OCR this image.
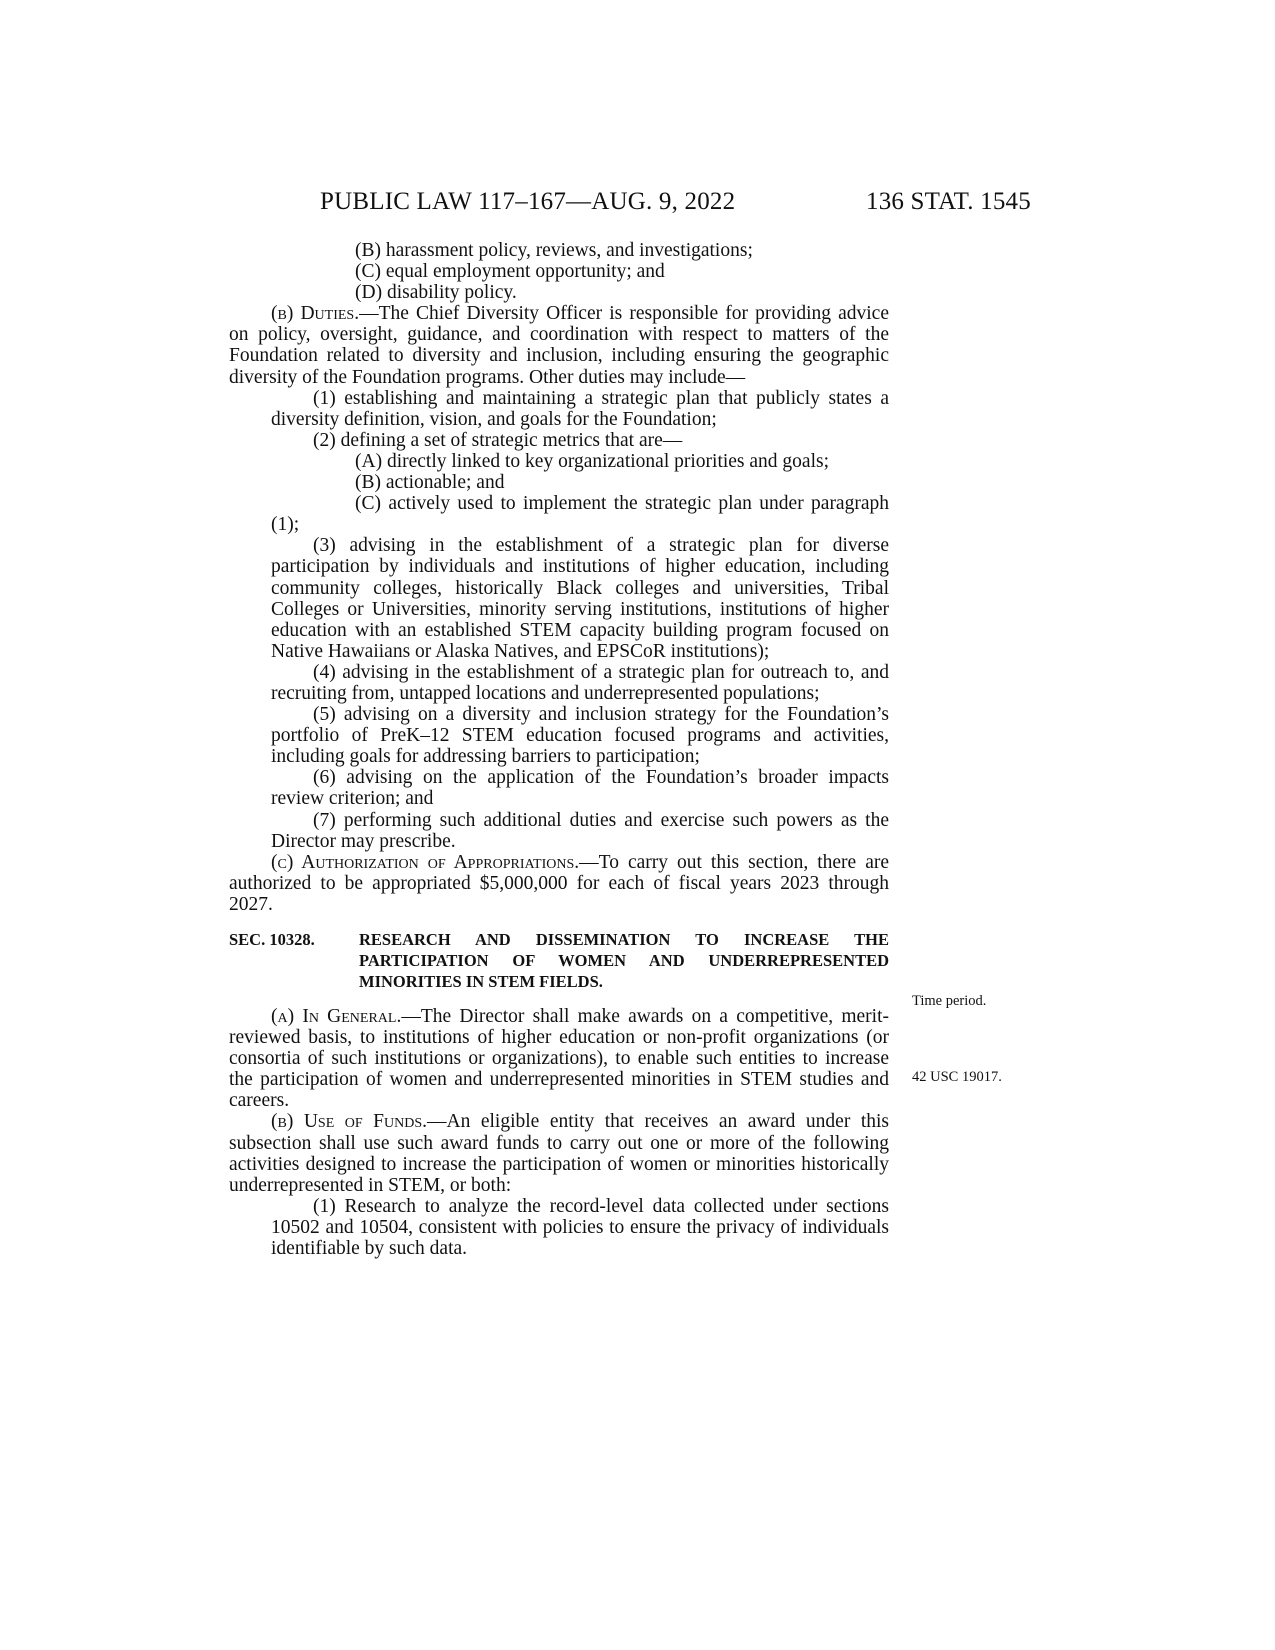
PUBLIC LAW 117–167—AUG. 9, 2022	136 STAT. 1545
Time period.
42 USC 19017.

(B) harassment policy, reviews, and investigations;

(C) equal employment opportunity; and

(D) disability policy.

(b) Duties.—The Chief Diversity Officer is responsible for providing advice on policy, oversight, guidance, and coordination with respect to matters of the Foundation related to diversity and inclusion, including ensuring the geographic diversity of the Foundation programs. Other duties may include—

(1) establishing and maintaining a strategic plan that publicly states a diversity definition, vision, and goals for the Foundation;

(2) defining a set of strategic metrics that are—

(A) directly linked to key organizational priorities and goals;

(B) actionable; and

(C) actively used to implement the strategic plan under paragraph (1);

(3) advising in the establishment of a strategic plan for diverse participation by individuals and institutions of higher education, including community colleges, historically Black colleges and universities, Tribal Colleges or Universities, minority serving institutions, institutions of higher education with an established STEM capacity building program focused on Native Hawaiians or Alaska Natives, and EPSCoR institutions);

(4) advising in the establishment of a strategic plan for outreach to, and recruiting from, untapped locations and underrepresented populations;

(5) advising on a diversity and inclusion strategy for the Foundation’s portfolio of PreK–12 STEM education focused programs and activities, including goals for addressing barriers to participation;

(6) advising on the application of the Foundation’s broader impacts review criterion; and

(7) performing such additional duties and exercise such powers as the Director may prescribe.

(c) Authorization of Appropriations.—To carry out this section, there are authorized to be appropriated $5,000,000 for each of fiscal years 2023 through 2027.

SEC. 10328.	RESEARCH AND DISSEMINATION TO INCREASE THE PARTICIPATION OF WOMEN AND UNDERREPRESENTED MINORITIES IN STEM FIELDS.

(a) In General.—The Director shall make awards on a competitive, merit-reviewed basis, to institutions of higher education or non-profit organizations (or consortia of such institutions or organizations), to enable such entities to increase the participation of women and underrepresented minorities in STEM studies and careers.

(b) Use of Funds.—An eligible entity that receives an award under this subsection shall use such award funds to carry out one or more of the following activities designed to increase the participation of women or minorities historically underrepresented in STEM, or both:

(1) Research to analyze the record-level data collected under sections 10502 and 10504, consistent with policies to ensure the privacy of individuals identifiable by such data.
